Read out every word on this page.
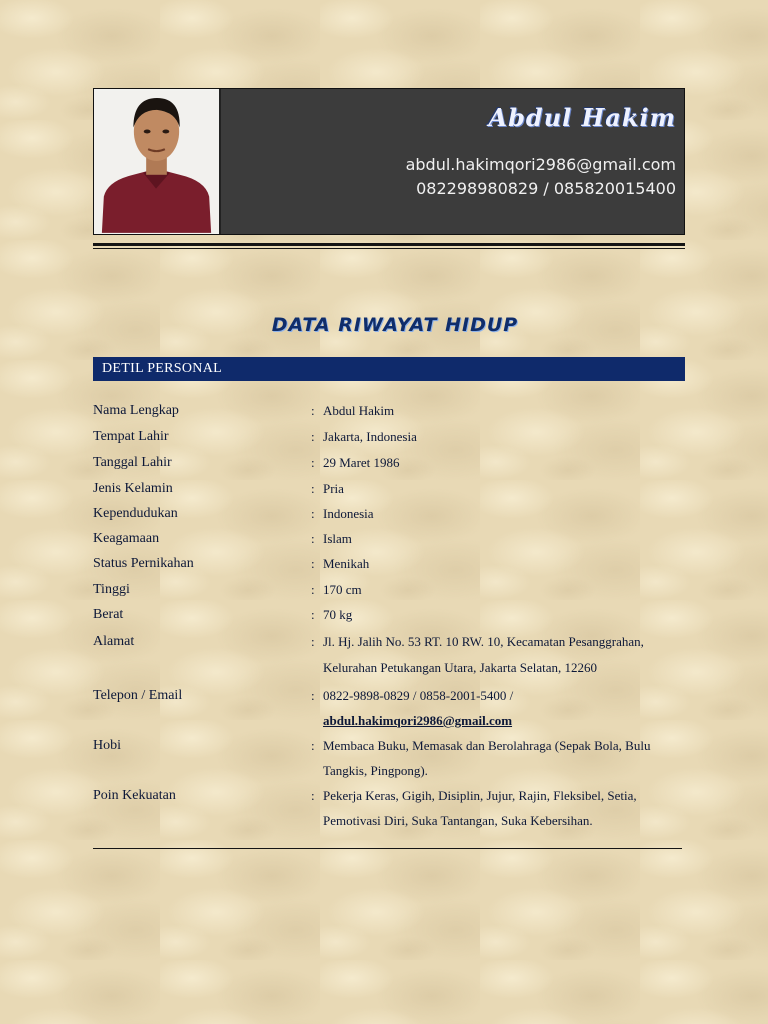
Abdul Hakim
abdul.hakimqori2986@gmail.com
082298980829 / 085820015400
DATA RIWAYAT HIDUP
DETIL PERSONAL
Nama Lengkap	: Abdul Hakim
Tempat Lahir	: Jakarta, Indonesia
Tanggal Lahir	: 29 Maret 1986
Jenis Kelamin	: Pria
Kependudukan	: Indonesia
Keagamaan	: Islam
Status Pernikahan	: Menikah
Tinggi	: 170 cm
Berat	: 70 kg
Alamat	: Jl. Hj. Jalih No. 53 RT. 10 RW. 10, Kecamatan Pesanggrahan,
Kelurahan Petukangan Utara, Jakarta Selatan, 12260
Telepon / Email	: 0822-9898-0829 / 0858-2001-5400 /
abdul.hakimqori2986@gmail.com
Hobi	: Membaca Buku, Memasak dan Berolahraga (Sepak Bola, Bulu
Tangkis, Pingpong).
Poin Kekuatan	: Pekerja Keras, Gigih, Disiplin, Jujur, Rajin, Fleksibel, Setia,
Pemotivasi Diri, Suka Tantangan, Suka Kebersihan.
